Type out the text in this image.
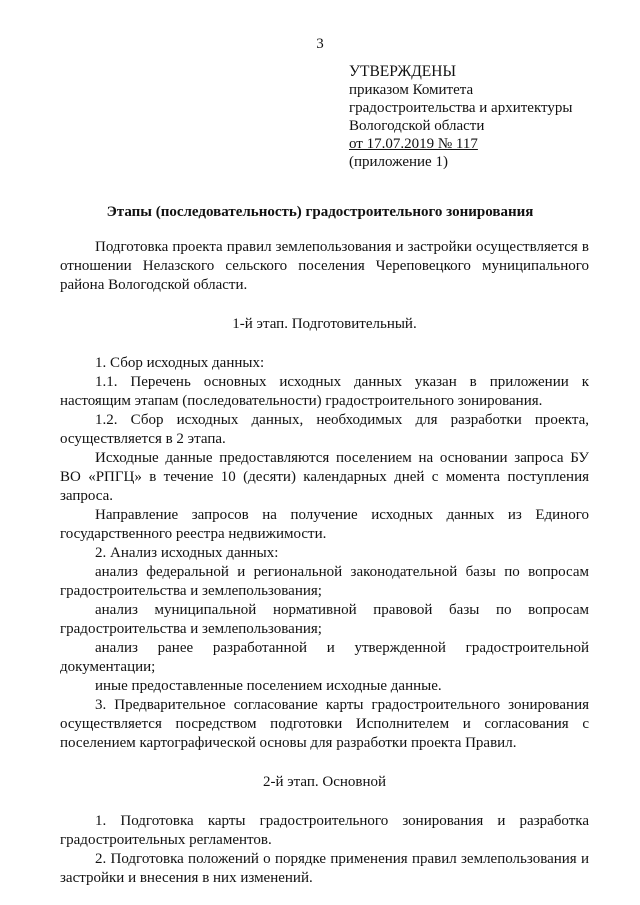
3
УТВЕРЖДЕНЫ
приказом Комитета
градостроительства и архитектуры
Вологодской области
от 17.07.2019 № 117
(приложение 1)
Этапы (последовательность) градостроительного зонирования

Подготовка проекта правил землепользования и застройки осуществляется в отношении Нелазского сельского поселения Череповецкого муниципального района Вологодской области.

1-й этап. Подготовительный.

1. Сбор исходных данных:

1.1. Перечень основных исходных данных указан в приложении к настоящим этапам (последовательности) градостроительного зонирования.

1.2. Сбор исходных данных, необходимых для разработки проекта, осуществляется в 2 этапа.

Исходные данные предоставляются поселением на основании запроса БУ ВО «РПГЦ» в течение 10 (десяти) календарных дней с момента поступления запроса.

Направление запросов на получение исходных данных из Единого государственного реестра недвижимости.

2. Анализ исходных данных:

анализ федеральной и региональной законодательной базы по вопросам градостроительства и землепользования;

анализ муниципальной нормативной правовой базы по вопросам градостроительства и землепользования;

анализ ранее разработанной и утвержденной градостроительной документации;

иные предоставленные поселением исходные данные.

3. Предварительное согласование карты градостроительного зонирования осуществляется посредством подготовки Исполнителем и согласования с поселением картографической основы для разработки проекта Правил.

2-й этап. Основной

1. Подготовка карты градостроительного зонирования и разработка градостроительных регламентов.

2. Подготовка положений о порядке применения правил землепользования и застройки и внесения в них изменений.
